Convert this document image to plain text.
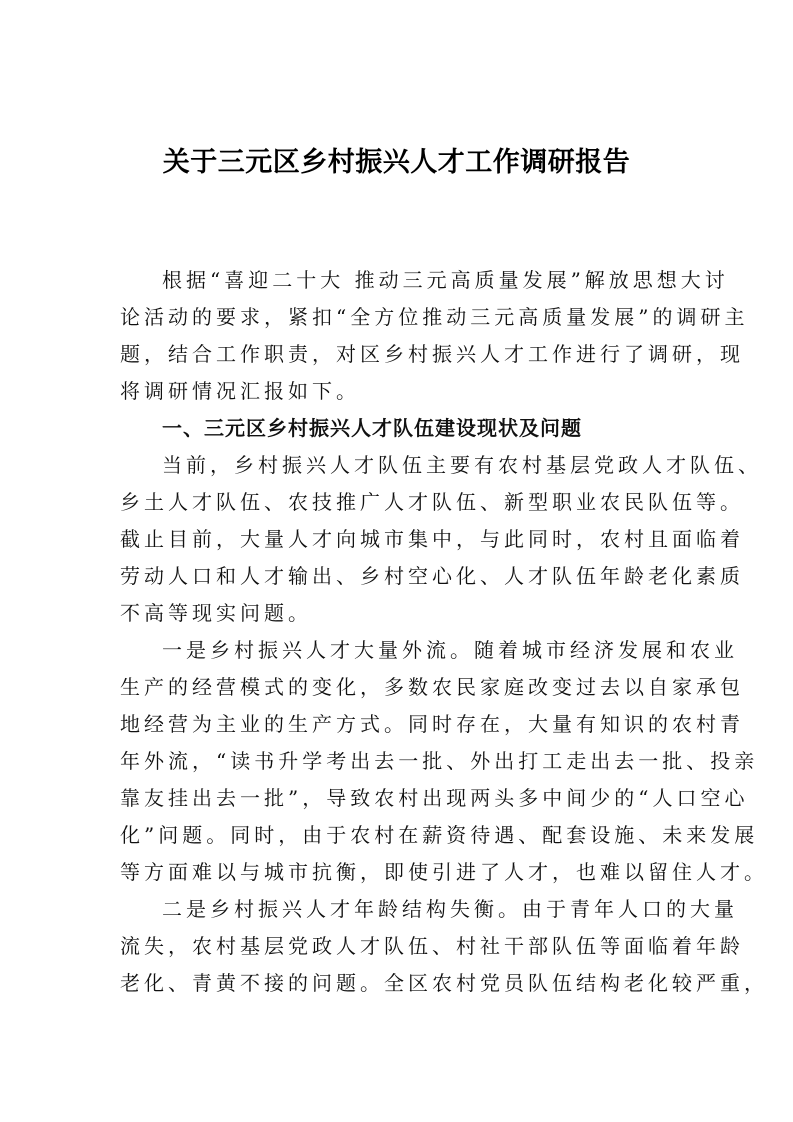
关于三元区乡村振兴人才工作调研报告
根据“喜迎二十大 推动三元高质量发展”解放思想大讨
论活动的要求，紧扣“全方位推动三元高质量发展”的调研主
题，结合工作职责，对区乡村振兴人才工作进行了调研，现
将调研情况汇报如下。
一、三元区乡村振兴人才队伍建设现状及问题
当前，乡村振兴人才队伍主要有农村基层党政人才队伍、
乡土人才队伍、农技推广人才队伍、新型职业农民队伍等。
截止目前，大量人才向城市集中，与此同时，农村且面临着
劳动人口和人才输出、乡村空心化、人才队伍年龄老化素质
不高等现实问题。
一是乡村振兴人才大量外流。随着城市经济发展和农业
生产的经营模式的变化，多数农民家庭改变过去以自家承包
地经营为主业的生产方式。同时存在，大量有知识的农村青
年外流，“读书升学考出去一批、外出打工走出去一批、投亲
靠友挂出去一批”，导致农村出现两头多中间少的“人口空心
化”问题。同时，由于农村在薪资待遇、配套设施、未来发展
等方面难以与城市抗衡，即使引进了人才，也难以留住人才。
二是乡村振兴人才年龄结构失衡。由于青年人口的大量
流失，农村基层党政人才队伍、村社干部队伍等面临着年龄
老化、青黄不接的问题。全区农村党员队伍结构老化较严重，
